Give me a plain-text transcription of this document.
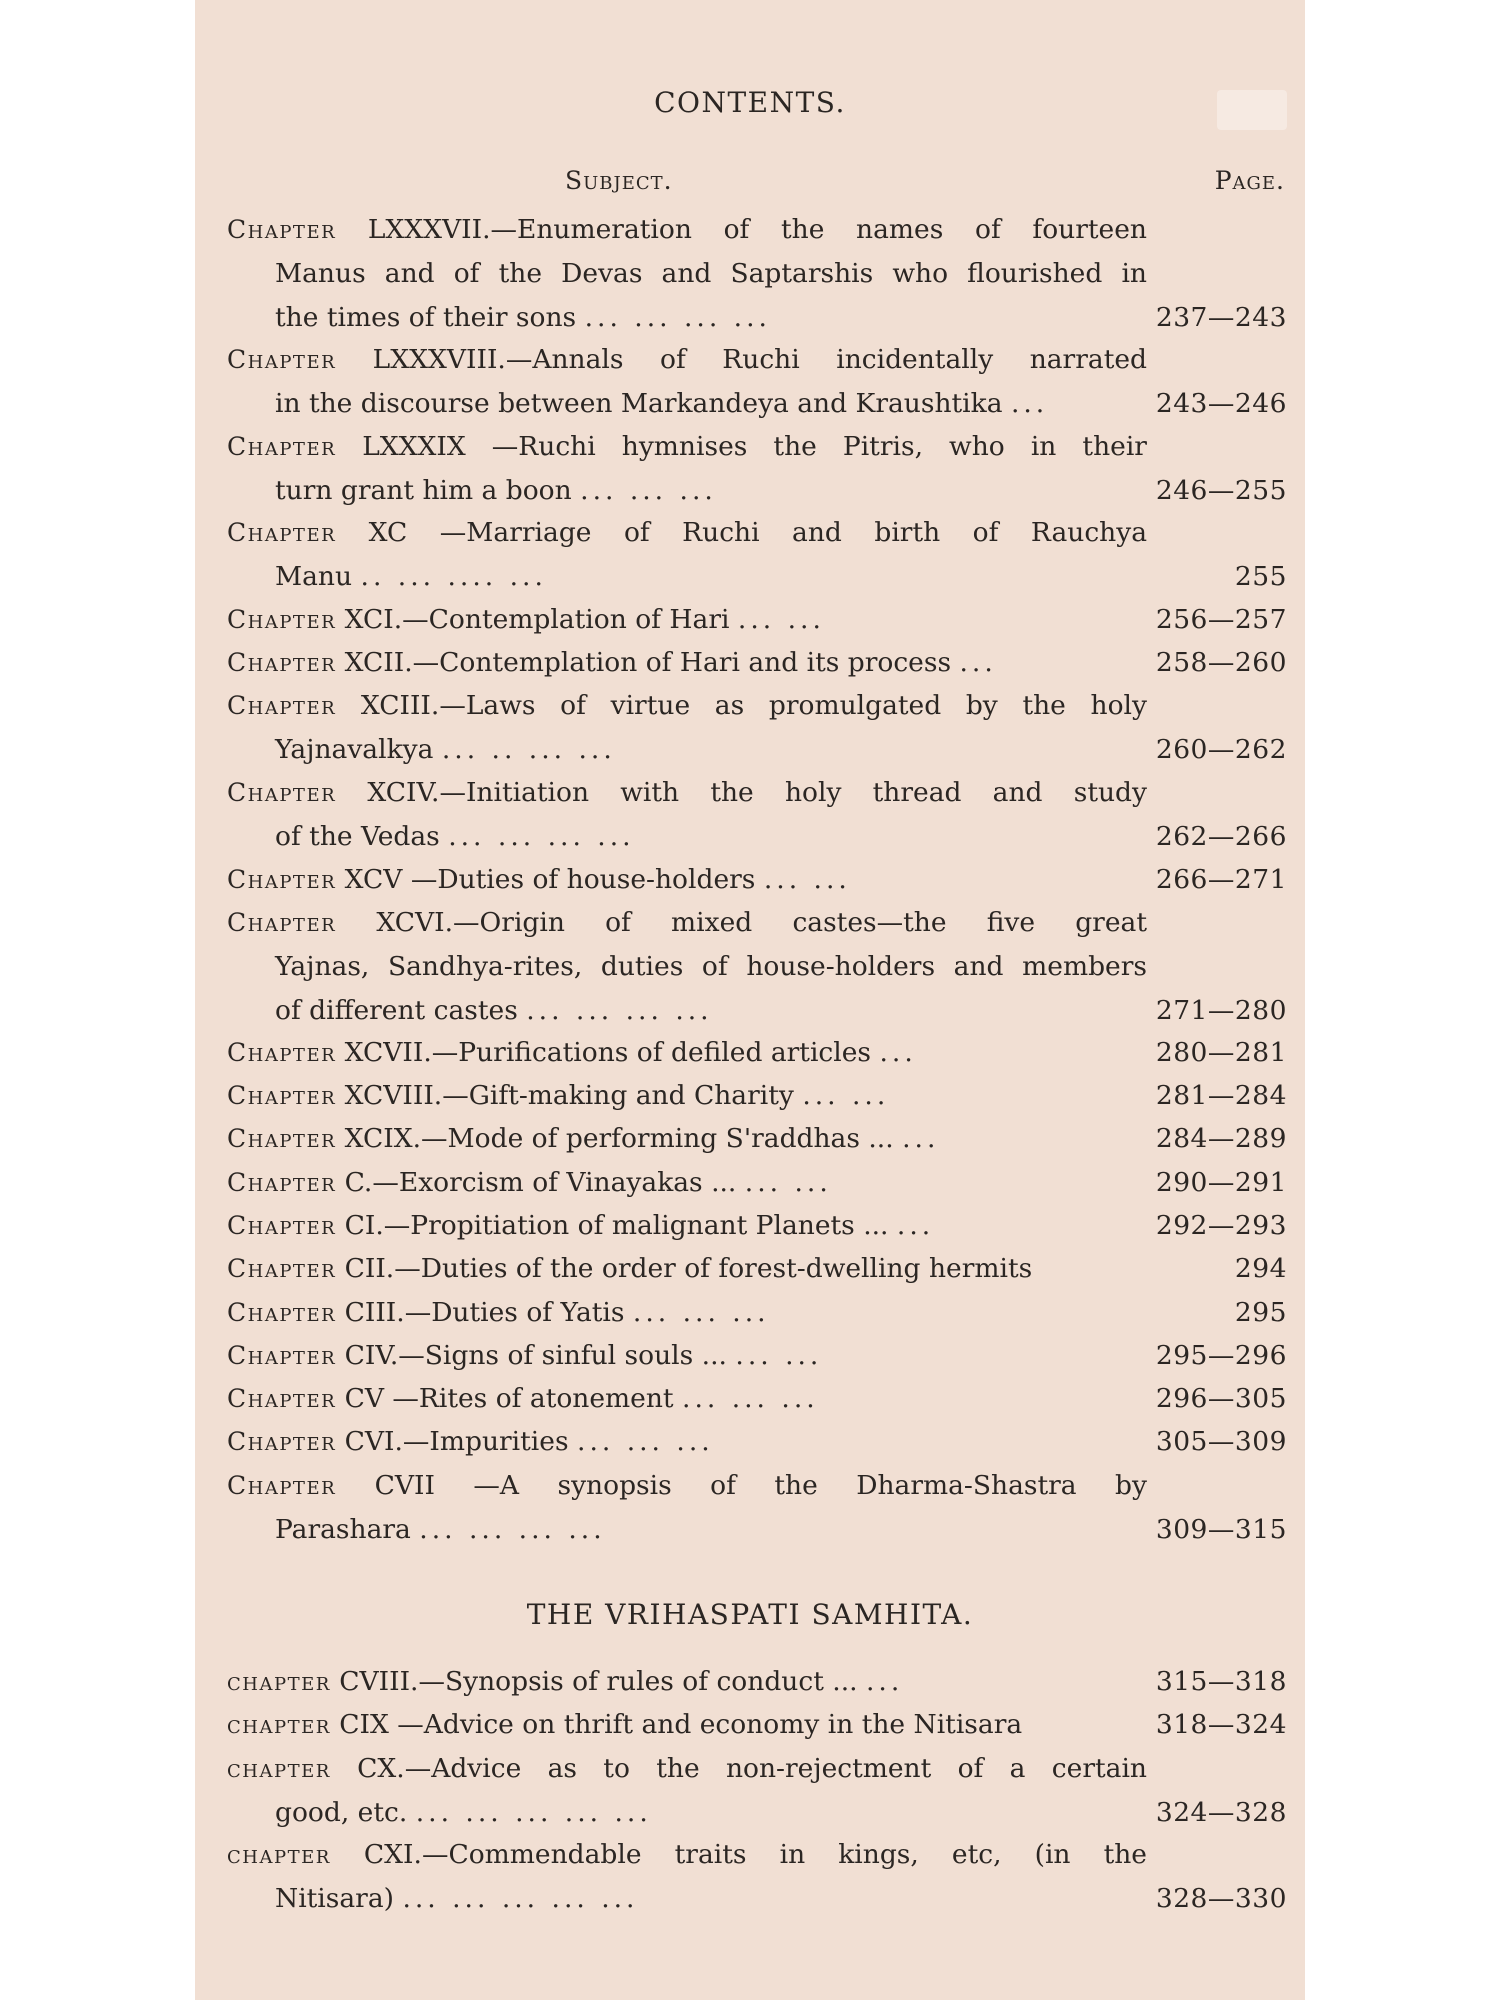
CONTENTS.
Subject.	Page.
Chapter LXXXVII.—Enumeration of the names of fourteen
Manus and of the Devas and Saptarshis who flourished in
the times of their sons ... ... ... ...	237—243
Chapter LXXXVIII.—Annals of Ruchi incidentally narrated
in the discourse between Markandeya and Kraushtika ...	243—246
Chapter LXXXIX —Ruchi hymnises the Pitris, who in their
turn grant him a boon ... ... ...	246—255
Chapter XC —Marriage of Ruchi and birth of Rauchya
Manu .. ... .... ...	255
Chapter XCI.—Contemplation of Hari ... ...	256—257
Chapter XCII.—Contemplation of Hari and its process ...	258—260
Chapter XCIII.—Laws of virtue as promulgated by the holy
Yajnavalkya ... .. ... ...	260—262
Chapter XCIV.—Initiation with the holy thread and study
of the Vedas ... ... ... ...	262—266
Chapter XCV —Duties of house-holders ... ...	266—271
Chapter XCVI.—Origin of mixed castes—the five great
Yajnas, Sandhya-rites, duties of house-holders and members
of different castes ... ... ... ...	271—280
Chapter XCVII.—Purifications of defiled articles ...	280—281
Chapter XCVIII.—Gift-making and Charity ... ...	281—284
Chapter XCIX.—Mode of performing S'raddhas ... ...	284—289
Chapter C.—Exorcism of Vinayakas ... ... ...	290—291
Chapter CI.—Propitiation of malignant Planets ... ...	292—293
Chapter CII.—Duties of the order of forest-dwelling hermits	294
Chapter CIII.—Duties of Yatis ... ... ...	295
Chapter CIV.—Signs of sinful souls ... ... ...	295—296
Chapter CV —Rites of atonement ... ... ...	296—305
Chapter CVI.—Impurities ... ... ...	305—309
Chapter CVII —A synopsis of the Dharma-Shastra by
Parashara ... ... ... ...	309—315
THE VRIHASPATI SAMHITA.
chapter CVIII.—Synopsis of rules of conduct ... ...	315—318
chapter CIX —Advice on thrift and economy in the Nitisara	318—324
chapter CX.—Advice as to the non-rejectment of a certain
good, etc. ... ... ... ... ...	324—328
chapter CXI.—Commendable traits in kings, etc, (in the
Nitisara) ... ... ... ... ...	328—330
